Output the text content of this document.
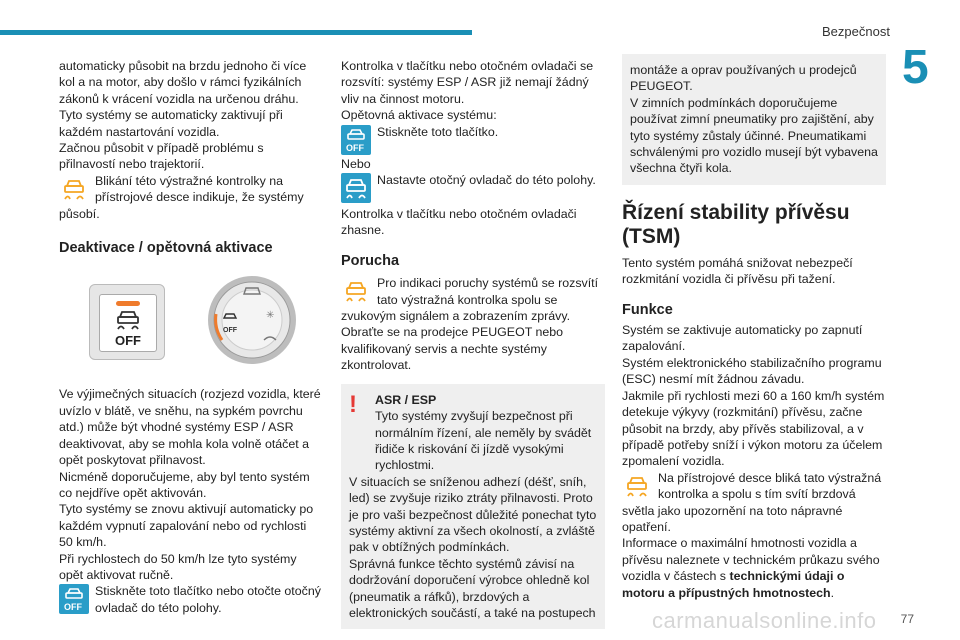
Bezpečnost
5

automaticky působit na brzdu jednoho či více kol a na motor, aby došlo v rámci fyzikálních zákonů k vrácení vozidla na určenou dráhu.

Tyto systémy se automaticky zaktivují při každém nastartování vozidla.

Začnou působit v případě problému s přilnavostí nebo trajektorií.

Blikání této výstražné kontrolky na přístrojové desce indikuje, že systémy působí.

Deaktivace / opětovná aktivace
OFF
OFF
✳

Ve výjimečných situacích (rozjezd vozidla, které uvízlo v blátě, ve sněhu, na sypkém povrchu atd.) může být vhodné systémy ESP / ASR deaktivovat, aby se mohla kola volně otáčet a opět poskytovat přilnavost.

Nicméně doporučujeme, aby byl tento systém co nejdříve opět aktivován.

Tyto systémy se znovu aktivují automaticky po každém vypnutí zapalování nebo od rychlosti 50 km/h.

Při rychlostech do 50 km/h lze tyto systémy opět aktivovat ručně.

OFF

Stiskněte toto tlačítko nebo otočte otočný ovladač do této polohy.

Kontrolka v tlačítku nebo otočném ovladači se rozsvítí: systémy ESP / ASR již nemají žádný vliv na činnost motoru.

Opětovná aktivace systému:

OFF

Stiskněte toto tlačítko.

Nebo

Nastavte otočný ovladač do této polohy.

Kontrolka v tlačítku nebo otočném ovladači zhasne.

Porucha

Pro indikaci poruchy systémů se rozsvítí tato výstražná kontrolka spolu se zvukovým signálem a zobrazením zprávy.

Obraťte se na prodejce PEUGEOT nebo kvalifikovaný servis a nechte systémy zkontrolovat.

!	ASR / ESP

Tyto systémy zvyšují bezpečnost při normálním řízení, ale neměly by svádět řidiče k riskování či jízdě vysokými rychlostmi.

V situacích se sníženou adhezí (déšť, sníh, led) se zvyšuje riziko ztráty přilnavosti. Proto je pro vaši bezpečnost důležité ponechat tyto systémy aktivní za všech okolností, a zvláště pak v obtížných podmínkách.

Správná funkce těchto systémů závisí na dodržování doporučení výrobce ohledně kol (pneumatik a ráfků), brzdových a elektronických součástí, a také na postupech

montáže a oprav používaných u prodejců PEUGEOT.

V zimních podmínkách doporučujeme používat zimní pneumatiky pro zajištění, aby tyto systémy zůstaly účinné. Pneumatikami schválenými pro vozidlo musejí být vybavena všechna čtyři kola.

Řízení stability přívěsu (TSM)

Tento systém pomáhá snižovat nebezpečí rozkmitání vozidla či přívěsu při tažení.

Funkce

Systém se zaktivuje automaticky po zapnutí zapalování.

Systém elektronického stabilizačního programu (ESC) nesmí mít žádnou závadu.

Jakmile při rychlosti mezi 60 a 160 km/h systém detekuje výkyvy (rozkmitání) přívěsu, začne působit na brzdy, aby přívěs stabilizoval, a v případě potřeby sníží i výkon motoru za účelem zpomalení vozidla.

Na přístrojové desce bliká tato výstražná kontrolka a spolu s tím svítí brzdová světla jako upozornění na toto nápravné opatření.

Informace o maximální hmotnosti vozidla a přívěsu naleznete v technickém průkazu svého vozidla v částech s technickými údaji o motoru a přípustných hmotnostech.

carmanualsonline.info 77
